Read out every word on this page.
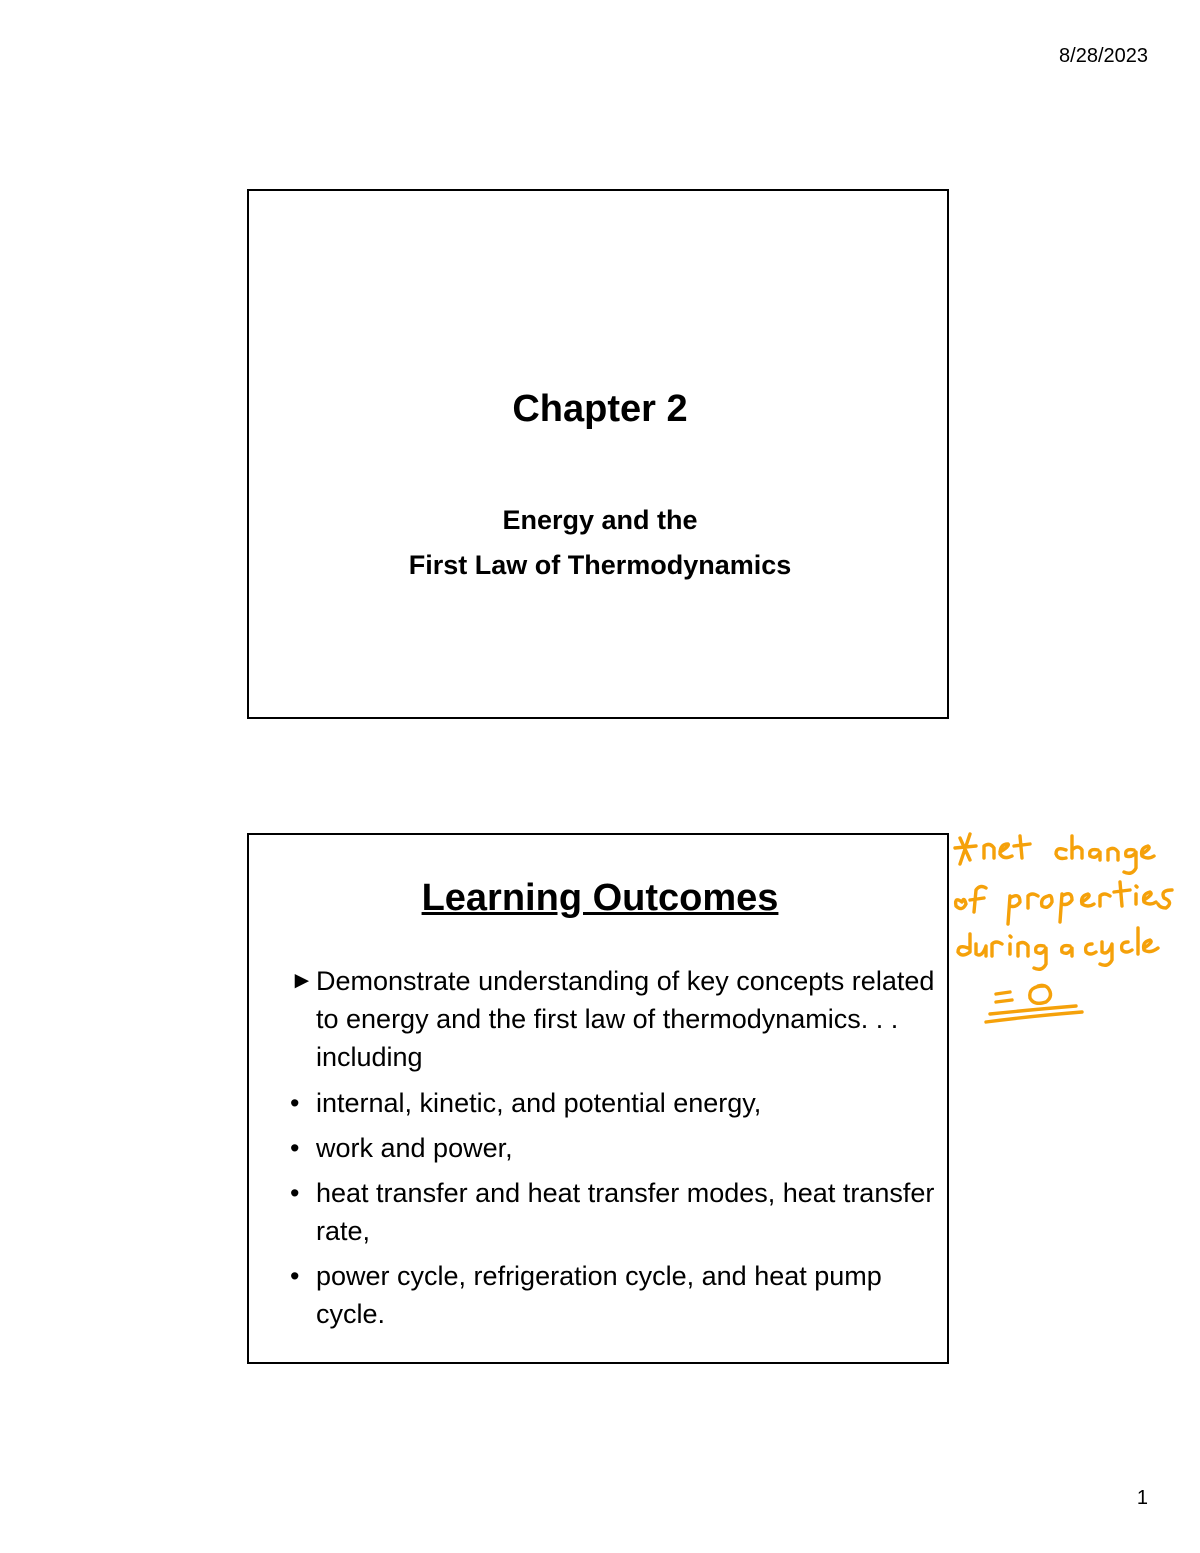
8/28/2023
Chapter 2
Energy and the
First Law of Thermodynamics
Learning Outcomes
► Demonstrate understanding of key concepts related to energy and the first law of thermodynamics. . . including
• internal, kinetic, and potential energy,
• work and power,
• heat transfer and heat transfer modes, heat transfer rate,
• power cycle, refrigeration cycle, and heat pump cycle.
1
